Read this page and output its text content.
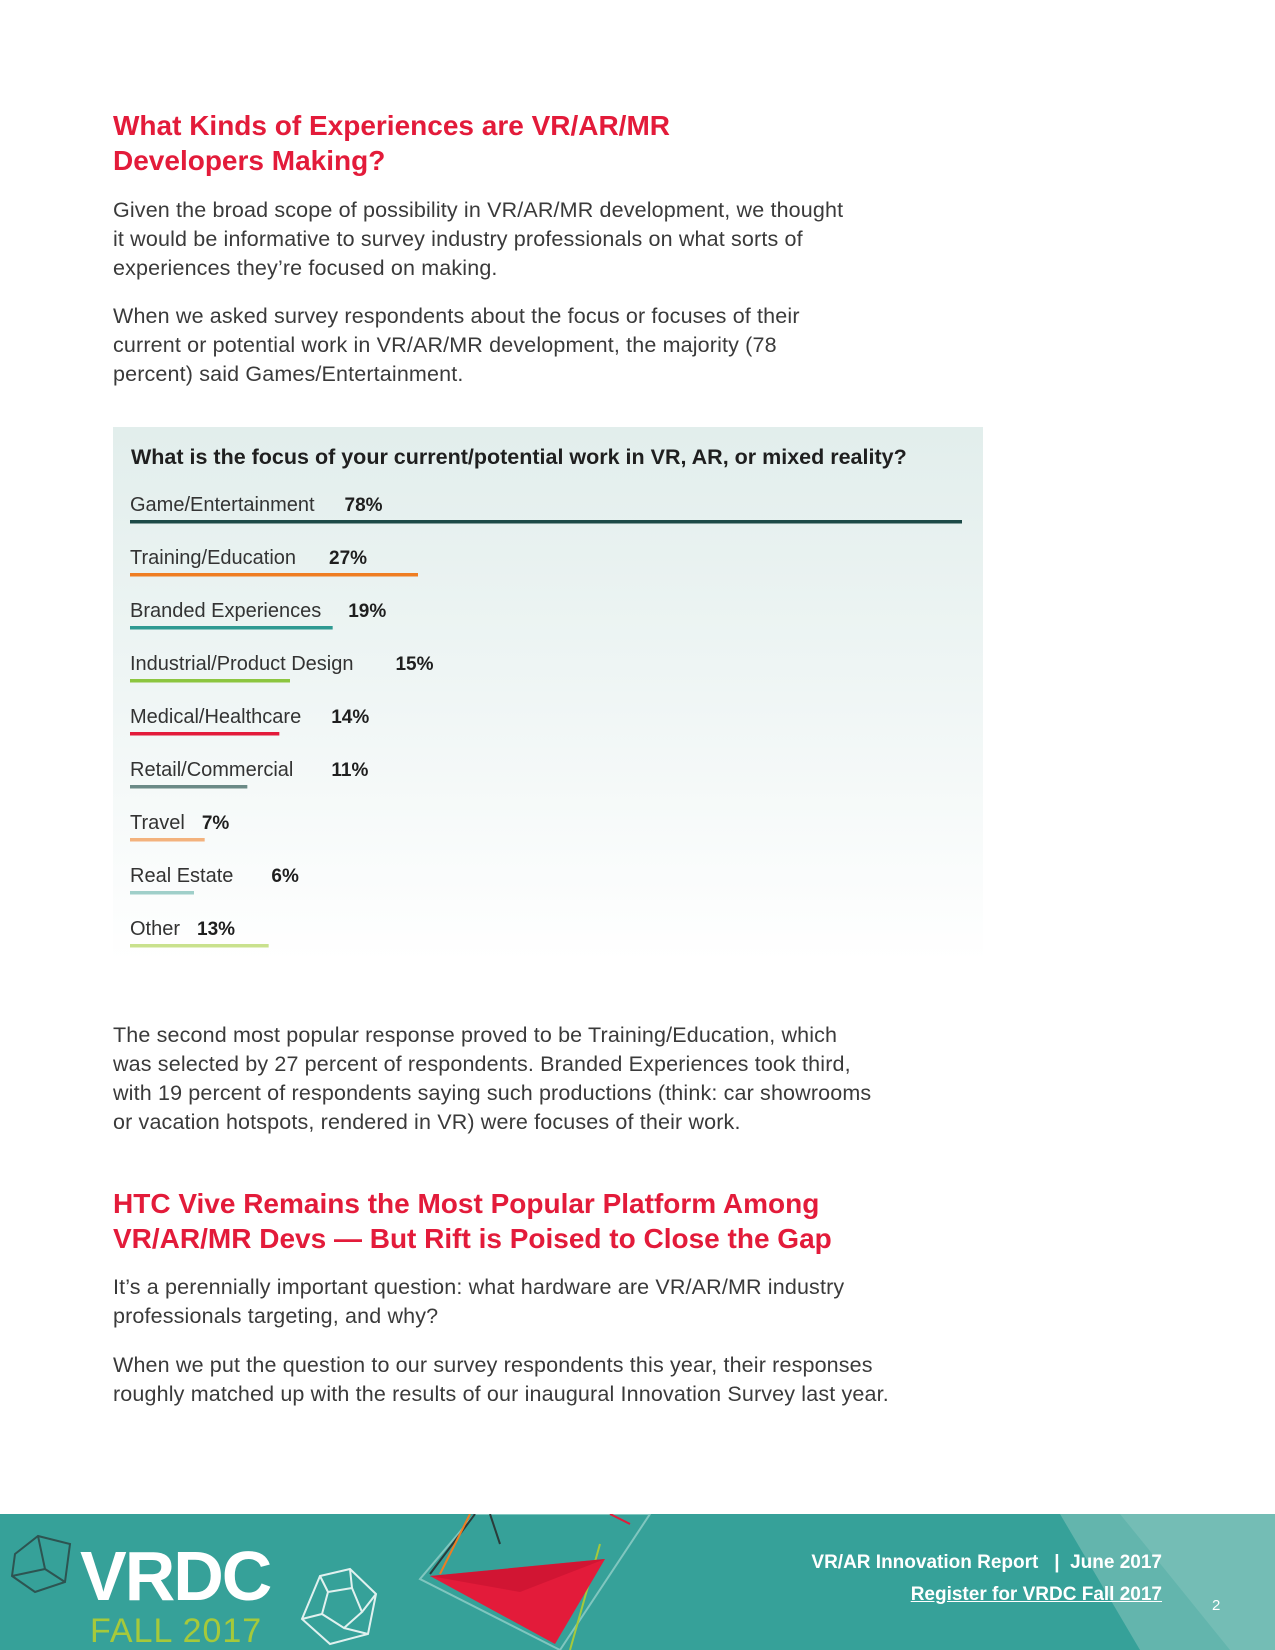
What Kinds of Experiences are VR/AR/MR
Developers Making?
Given the broad scope of possibility in VR/AR/MR development, we thought
it would be informative to survey industry professionals on what sorts of
experiences they’re focused on making.
When we asked survey respondents about the focus or focuses of their
current or potential work in VR/AR/MR development, the majority (78
percent) said Games/Entertainment.
What is the focus of your current/potential work in VR, AR, or mixed reality?
Game/Entertainment 78%
Training/Education 27%
Branded Experiences 19%
Industrial/Product Design 15%
Medical/Healthcare 14%
Retail/Commercial 11%
Travel 7%
Real Estate 6%
Other 13%
The second most popular response proved to be Training/Education, which
was selected by 27 percent of respondents. Branded Experiences took third,
with 19 percent of respondents saying such productions (think: car showrooms
or vacation hotspots, rendered in VR) were focuses of their work.
HTC Vive Remains the Most Popular Platform Among
VR/AR/MR Devs — But Rift is Poised to Close the Gap
It’s a perennially important question: what hardware are VR/AR/MR industry
professionals targeting, and why?
When we put the question to our survey respondents this year, their responses
roughly matched up with the results of our inaugural Innovation Survey last year.
VRDC
FALL 2017
VR/AR Innovation Report | June 2017
Register for VRDC Fall 2017
2
